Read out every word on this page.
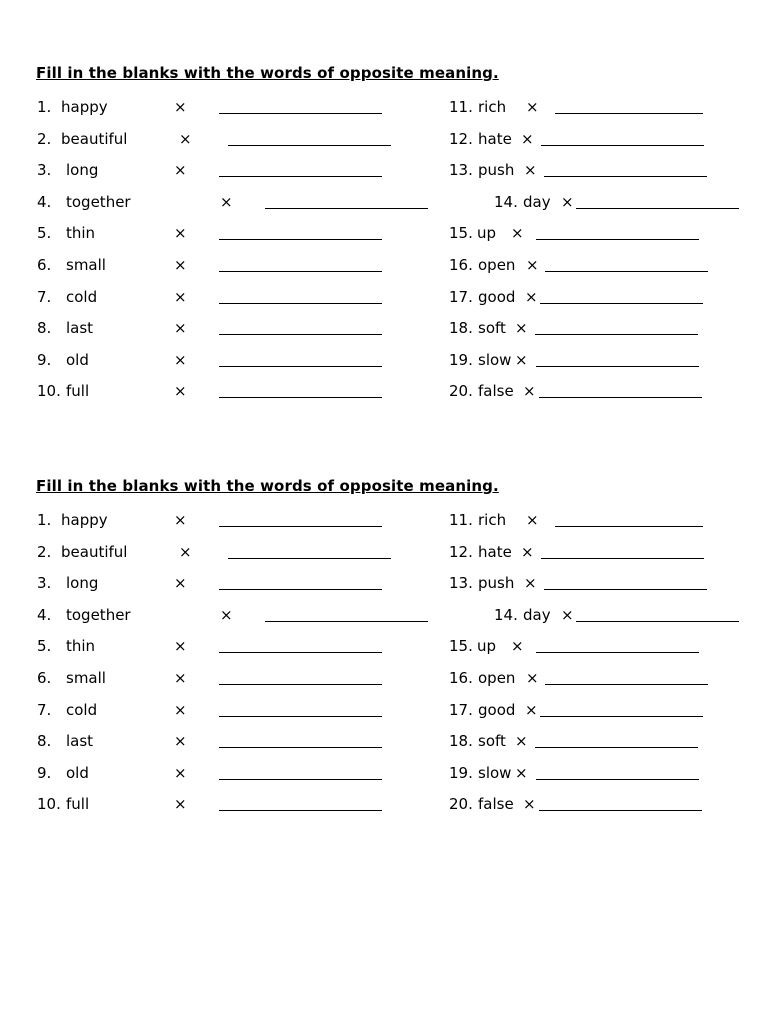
Fill in the blanks with the words of opposite meaning.
1. happy	×
2. beautiful	×
3. long	×
4. together	×
5. thin	×
6. small	×
7. cold	×
8. last	×
9. old	×
10. full	×
11. rich ×
12. hate ×
13. push ×
14. day ×
15. up ×
16. open ×
17. good ×
18. soft ×
19. slow ×
20. false ×
Fill in the blanks with the words of opposite meaning.
1. happy	×
2. beautiful	×
3. long	×
4. together	×
5. thin	×
6. small	×
7. cold	×
8. last	×
9. old	×
10. full	×
11. rich ×
12. hate ×
13. push ×
14. day ×
15. up ×
16. open ×
17. good ×
18. soft ×
19. slow ×
20. false ×
